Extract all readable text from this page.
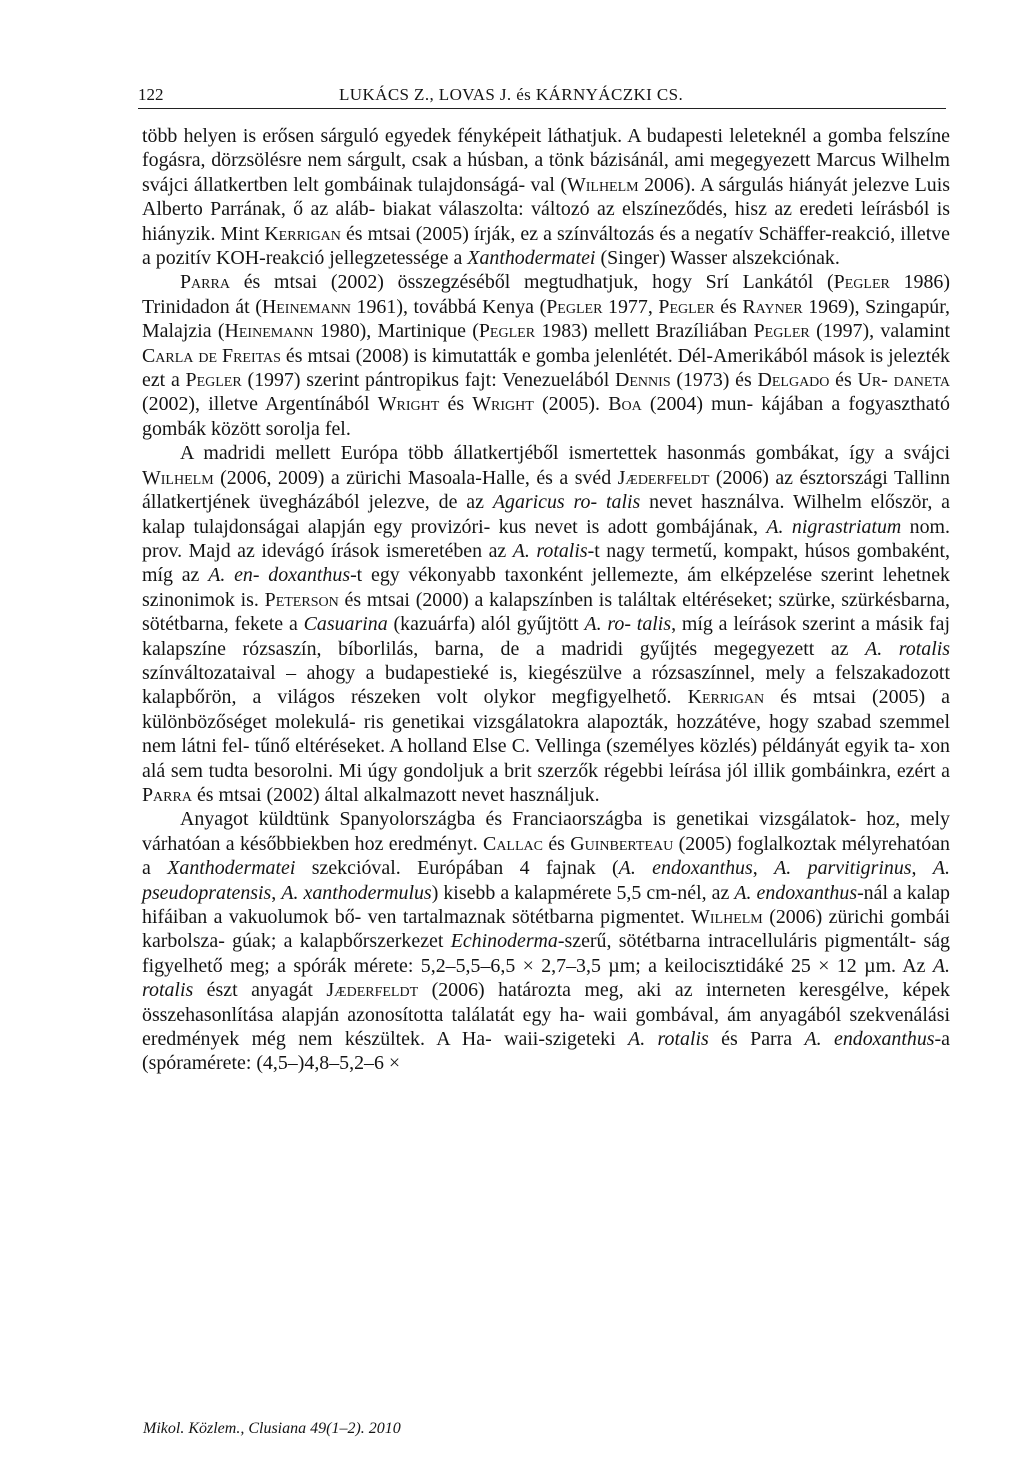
122	LUKÁCS Z., LOVAS J. és KÁRNYÁCZKI CS.

több helyen is erősen sárguló egyedek fényképeit láthatjuk. A budapesti leleteknél a gomba felszíne fogásra, dörzsölésre nem sárgult, csak a húsban, a tönk bázisánál, ami megegyezett Marcus Wilhelm svájci állatkertben lelt gombáinak tulajdonságá- val (Wilhelm 2006). A sárgulás hiányát jelezve Luis Alberto Parrának, ő az aláb- biakat válaszolta: változó az elszíneződés, hisz az eredeti leírásból is hiányzik. Mint Kerrigan és mtsai (2005) írják, ez a színváltozás és a negatív Schäffer-reakció, illetve a pozitív KOH-reakció jellegzetessége a Xanthodermatei (Singer) Wasser alszekciónak.

Parra és mtsai (2002) összegzéséből megtudhatjuk, hogy Srí Lankától (Pegler 1986) Trinidadon át (Heinemann 1961), továbbá Kenya (Pegler 1977, Pegler és Rayner 1969), Szingapúr, Malajzia (Heinemann 1980), Martinique (Pegler 1983) mellett Brazíliában Pegler (1997), valamint Carla de Freitas és mtsai (2008) is kimutatták e gomba jelenlétét. Dél-Amerikából mások is jelezték ezt a Pegler (1997) szerint pántropikus fajt: Venezuelából Dennis (1973) és Delgado és Ur- daneta (2002), illetve Argentínából Wright és Wright (2005). Boa (2004) mun- kájában a fogyasztható gombák között sorolja fel.

A madridi mellett Európa több állatkertjéből ismertettek hasonmás gombákat, így a svájci Wilhelm (2006, 2009) a zürichi Masoala-Halle, és a svéd Jæderfeldt (2006) az észtországi Tallinn állatkertjének üvegházából jelezve, de az Agaricus ro- talis nevet használva. Wilhelm először, a kalap tulajdonságai alapján egy provizóri- kus nevet is adott gombájának, A. nigrastriatum nom. prov. Majd az idevágó írások ismeretében az A. rotalis-t nagy termetű, kompakt, húsos gombaként, míg az A. en- doxanthus-t egy vékonyabb taxonként jellemezte, ám elképzelése szerint lehetnek szinonimok is. Peterson és mtsai (2000) a kalapszínben is találtak eltéréseket; szürke, szürkésbarna, sötétbarna, fekete a Casuarina (kazuárfa) alól gyűjtött A. ro- talis, míg a leírások szerint a másik faj kalapszíne rózsaszín, bíborlilás, barna, de a madridi gyűjtés megegyezett az A. rotalis színváltozataival – ahogy a budapestieké is, kiegészülve a rózsaszínnel, mely a felszakadozott kalapbőrön, a világos részeken volt olykor megfigyelhető. Kerrigan és mtsai (2005) a különbözőséget molekulá- ris genetikai vizsgálatokra alapozták, hozzátéve, hogy szabad szemmel nem látni fel- tűnő eltéréseket. A holland Else C. Vellinga (személyes közlés) példányát egyik ta- xon alá sem tudta besorolni. Mi úgy gondoljuk a brit szerzők régebbi leírása jól illik gombáinkra, ezért a Parra és mtsai (2002) által alkalmazott nevet használjuk.

Anyagot küldtünk Spanyolországba és Franciaországba is genetikai vizsgálatok- hoz, mely várhatóan a későbbiekben hoz eredményt. Callac és Guinberteau (2005) foglalkoztak mélyrehatóan a Xanthodermatei szekcióval. Európában 4 fajnak (A. endoxanthus, A. parvitigrinus, A. pseudopratensis, A. xanthodermulus) kisebb a kalapmérete 5,5 cm-nél, az A. endoxanthus-nál a kalap hifáiban a vakuolumok bő- ven tartalmaznak sötétbarna pigmentet. Wilhelm (2006) zürichi gombái karbolsza- gúak; a kalapbőrszerkezet Echinoderma-szerű, sötétbarna intracelluláris pigmentált- ság figyelhető meg; a spórák mérete: 5,2–5,5–6,5 × 2,7–3,5 µm; a keilocisztidáké 25 × 12 µm. Az A. rotalis észt anyagát Jæderfeldt (2006) határozta meg, aki az interneten keresgélve, képek összehasonlítása alapján azonosította találatát egy ha- waii gombával, ám anyagából szekvenálási eredmények még nem készültek. A Ha- waii-szigeteki A. rotalis és Parra A. endoxanthus-a (spóramérete: (4,5–)4,8–5,2–6 ×

Mikol. Közlem., Clusiana 49(1–2). 2010
